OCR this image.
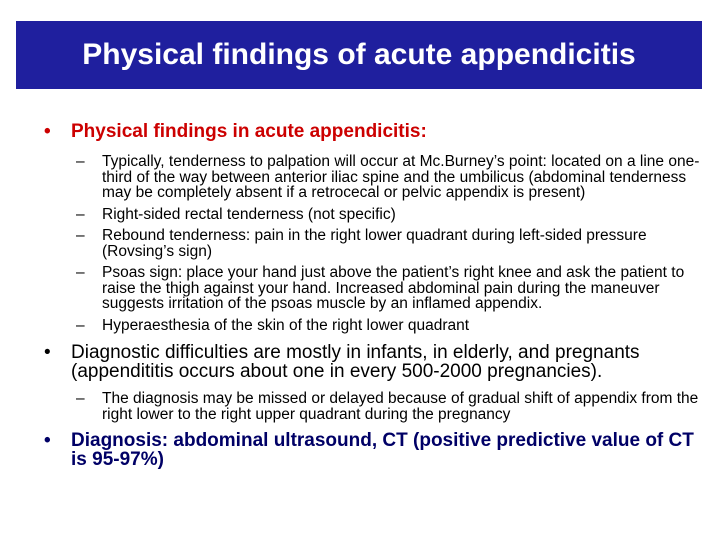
Physical findings of acute appendicitis
• Physical findings in acute appendicitis:
– Typically, tenderness to palpation will occur at Mc.Burney’s point: located on a line one-third of the way between anterior iliac spine and the umbilicus (abdominal tenderness may be completely absent if a retrocecal or pelvic appendix is present)
– Right-sided rectal tenderness (not specific)
– Rebound tenderness: pain in the right lower quadrant during left-sided pressure (Rovsing’s sign)
– Psoas sign: place your hand just above the patient’s right knee and ask the patient to raise the thigh against your hand. Increased abdominal pain during the maneuver suggests irritation of the psoas muscle by an inflamed appendix.
– Hyperaesthesia of the skin of the right lower quadrant
• Diagnostic difficulties are mostly in infants, in elderly, and pregnants (appendititis occurs about one in every 500-2000 pregnancies).
– The diagnosis may be missed or delayed because of gradual shift of appendix from the right lower to the right upper quadrant during the pregnancy
• Diagnosis: abdominal ultrasound, CT (positive predictive value of CT is 95-97%)
